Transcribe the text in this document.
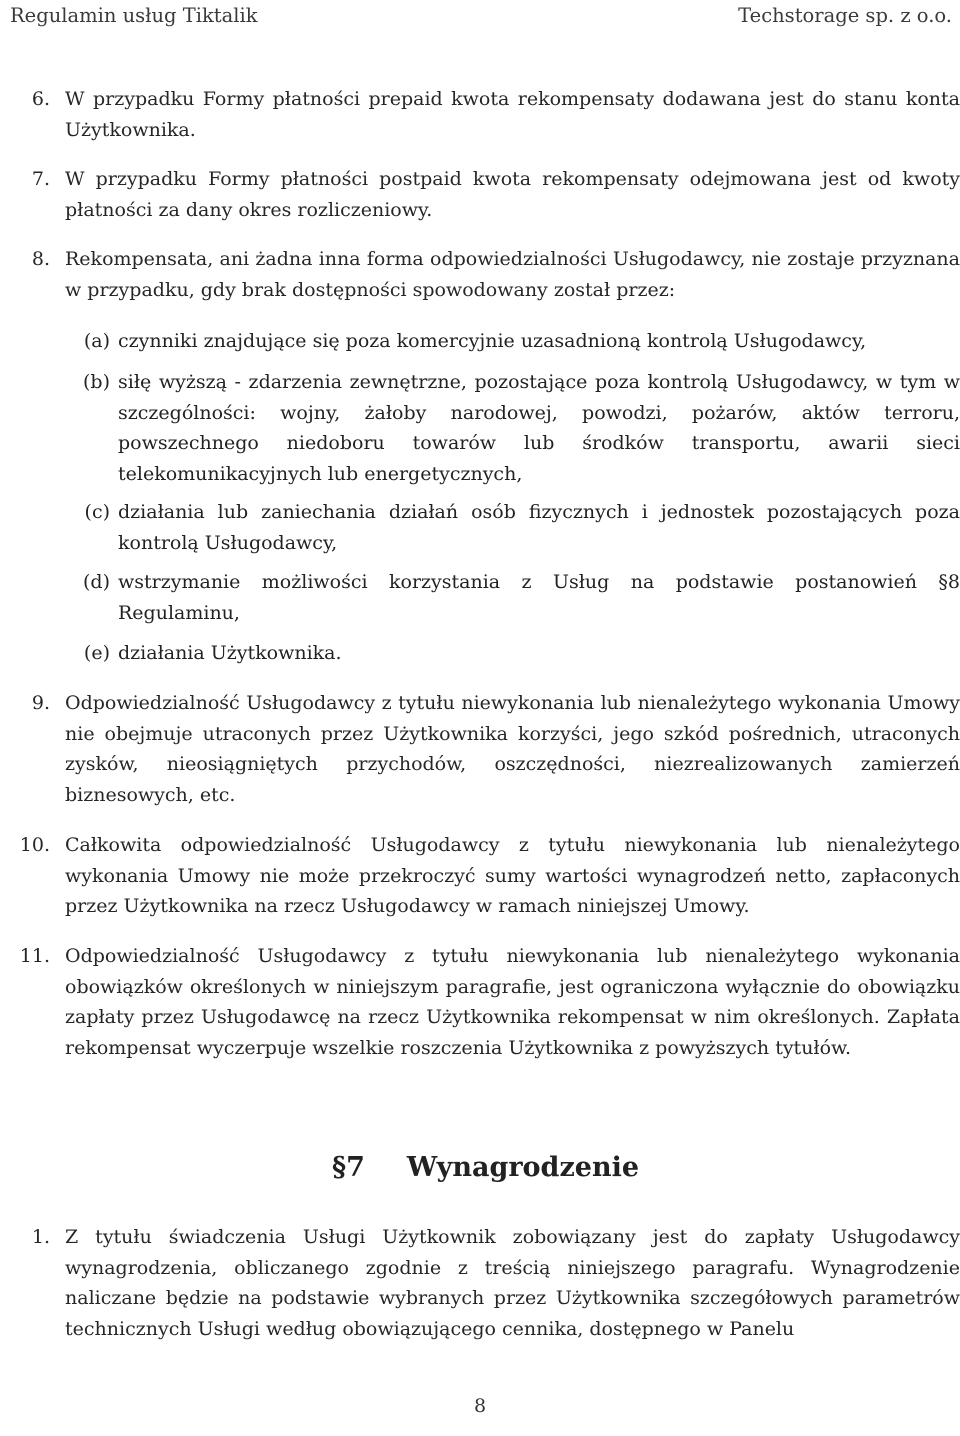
Regulamin usług Tiktalik	Techstorage sp. z o.o.
6. W przypadku Formy płatności prepaid kwota rekompensaty dodawana jest do stanu konta Użytkownika.
7. W przypadku Formy płatności postpaid kwota rekompensaty odejmowana jest od kwoty płatności za dany okres rozliczeniowy.
8. Rekompensata, ani żadna inna forma odpowiedzialności Usługodawcy, nie zostaje przyznana w przypadku, gdy brak dostępności spowodowany został przez:
(a) czynniki znajdujące się poza komercyjnie uzasadnioną kontrolą Usługodawcy,
(b) siłę wyższą - zdarzenia zewnętrzne, pozostające poza kontrolą Usługodawcy, w tym w szczególności: wojny, żałoby narodowej, powodzi, pożarów, aktów terroru, powszechnego niedoboru towarów lub środków transportu, awarii sieci telekomunikacyjnych lub energetycznych,
(c) działania lub zaniechania działań osób fizycznych i jednostek pozostających poza kontrolą Usługodawcy,
(d) wstrzymanie możliwości korzystania z Usług na podstawie postanowień §8 Regulaminu,
(e) działania Użytkownika.
9. Odpowiedzialność Usługodawcy z tytułu niewykonania lub nienależytego wykonania Umowy nie obejmuje utraconych przez Użytkownika korzyści, jego szkód pośrednich, utraconych zysków, nieosiągniętych przychodów, oszczędności, niezrealizowanych zamierzeń biznesowych, etc.
10. Całkowita odpowiedzialność Usługodawcy z tytułu niewykonania lub nienależytego wykonania Umowy nie może przekroczyć sumy wartości wynagrodzeń netto, zapłaconych przez Użytkownika na rzecz Usługodawcy w ramach niniejszej Umowy.
11. Odpowiedzialność Usługodawcy z tytułu niewykonania lub nienależytego wykonania obowiązków określonych w niniejszym paragrafie, jest ograniczona wyłącznie do obowiązku zapłaty przez Usługodawcę na rzecz Użytkownika rekompensat w nim określonych. Zapłata rekompensat wyczerpuje wszelkie roszczenia Użytkownika z powyższych tytułów.
§7 Wynagrodzenie
1. Z tytułu świadczenia Usługi Użytkownik zobowiązany jest do zapłaty Usługodawcy wynagrodzenia, obliczanego zgodnie z treścią niniejszego paragrafu. Wynagrodzenie naliczane będzie na podstawie wybranych przez Użytkownika szczegółowych parametrów technicznych Usługi według obowiązującego cennika, dostępnego w Panelu
8
